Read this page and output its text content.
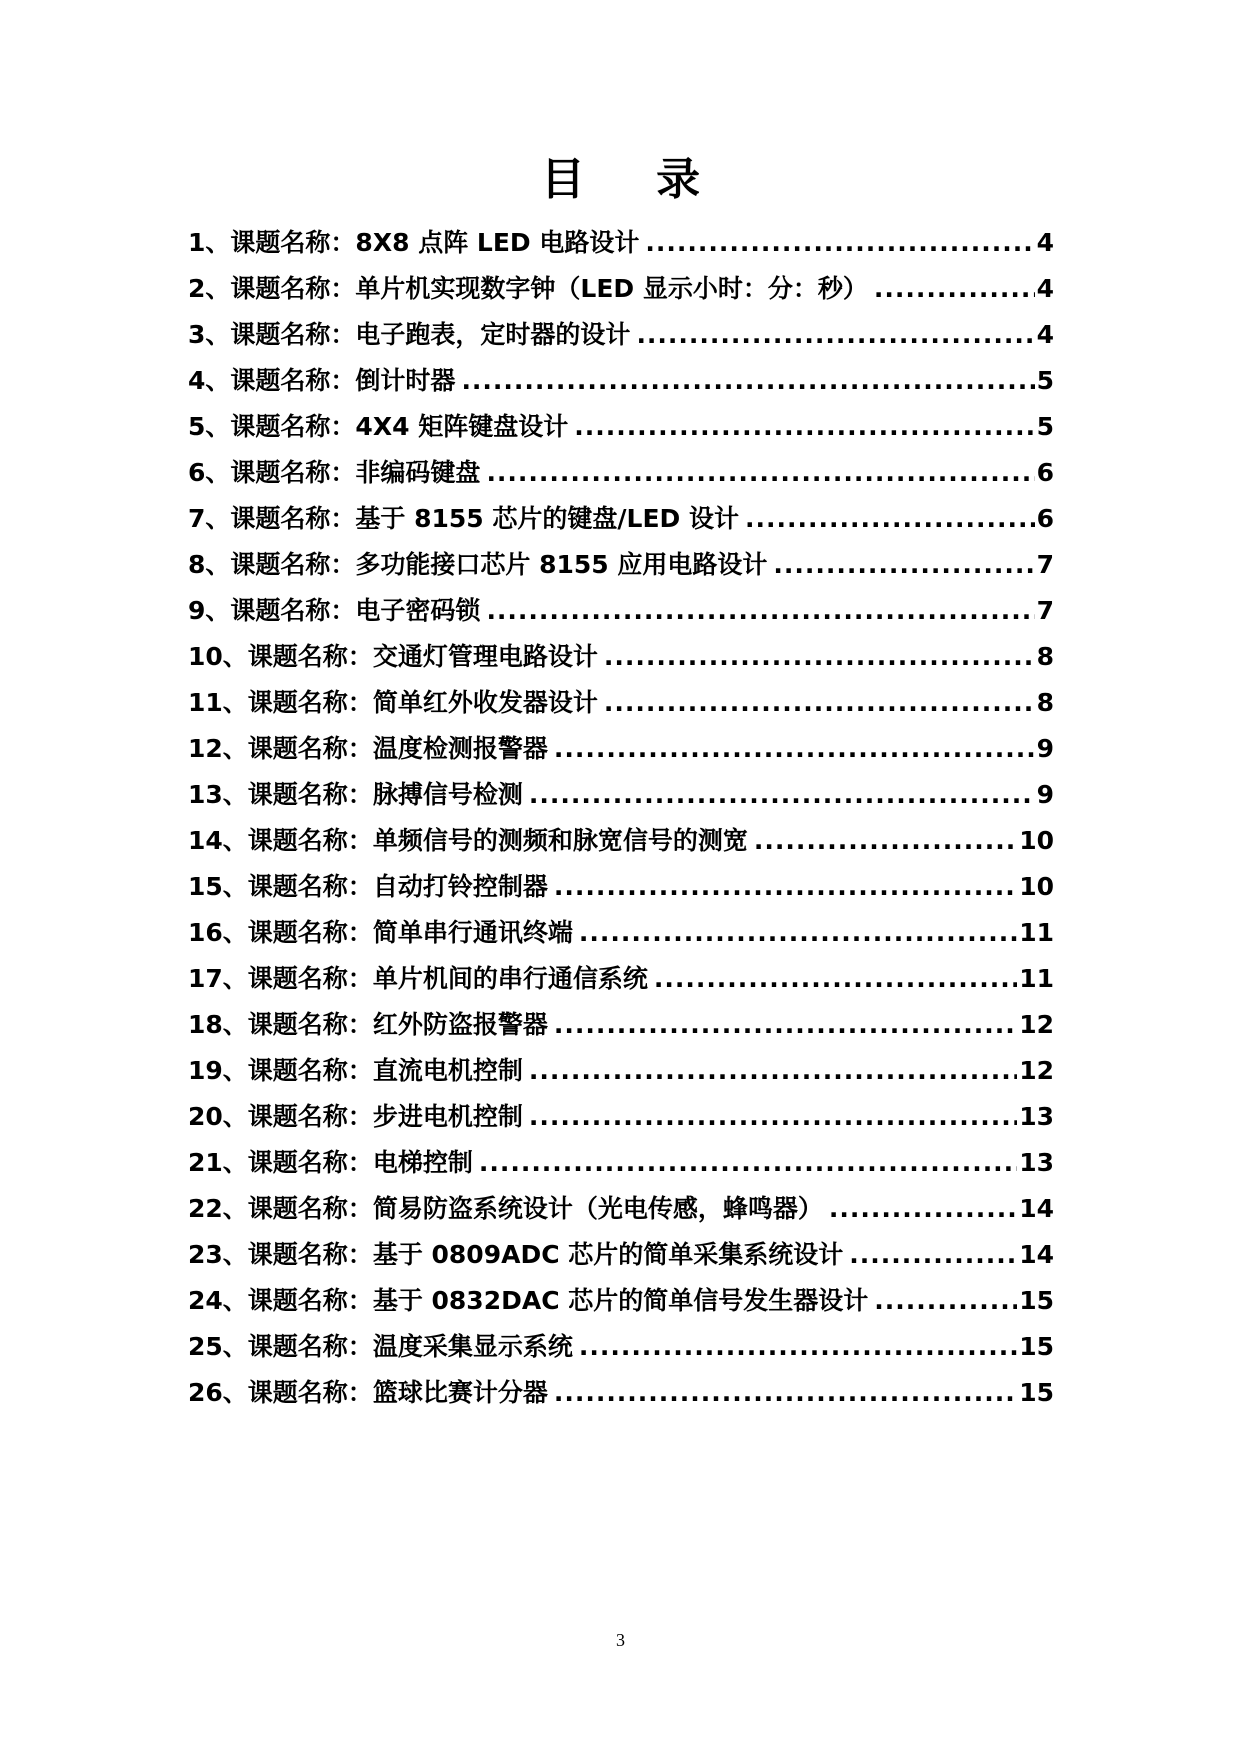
目 录
1 、课题名称： 8X8 点阵 LED 电路设计 .....	4
2 、课题名称： 单片机实现数字钟（LED 显示小时：分：秒） .....	4
3 、课题名称： 电子跑表，定时器的设计 .....	4
4 、课题名称： 倒计时器 .....	5
5 、课题名称： 4X4 矩阵键盘设计 .....	5
6 、课题名称： 非编码键盘 .....	6
7 、课题名称： 基于 8155 芯片的键盘/LED 设计 .....	6
8 、课题名称： 多功能接口芯片 8155 应用电路设计 .....	7
9 、课题名称： 电子密码锁 .....	7
10 、课题名称： 交通灯管理电路设计 .....	8
11 、课题名称： 简单红外收发器设计 .....	8
12 、课题名称： 温度检测报警器 .....	9
13 、课题名称： 脉搏信号检测 .....	9
14 、课题名称： 单频信号的测频和脉宽信号的测宽 .....	10
15 、课题名称： 自动打铃控制器 .....	10
16 、课题名称： 简单串行通讯终端 .....	11
17 、课题名称： 单片机间的串行通信系统 .....	11
18 、课题名称： 红外防盗报警器 .....	12
19 、课题名称： 直流电机控制 .....	12
20 、课题名称： 步进电机控制 .....	13
21 、课题名称： 电梯控制 .....	13
22 、课题名称： 简易防盗系统设计（光电传感，蜂鸣器） .....	14
23 、课题名称： 基于 0809ADC 芯片的简单采集系统设计 .....	14
24 、课题名称： 基于 0832DAC 芯片的简单信号发生器设计 .....	15
25 、课题名称： 温度采集显示系统 .....	15
26 、课题名称： 篮球比赛计分器 .....	15
3
